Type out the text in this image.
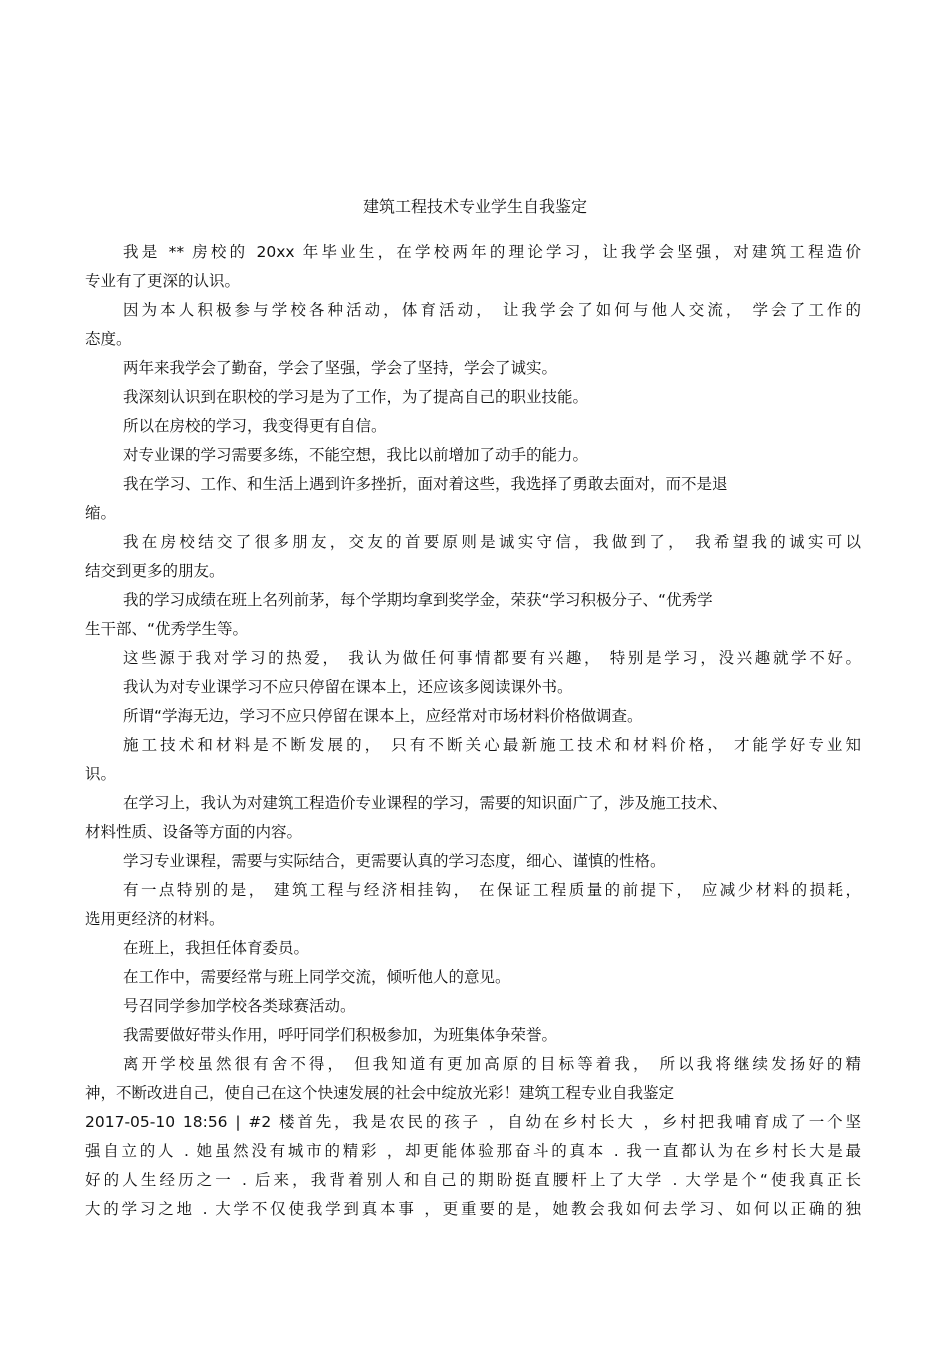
建筑工程技术专业学生自我鉴定
我是 ** 房校的 20xx 年毕业生，在学校两年的理论学习，让我学会坚强，对建筑工程造价
专业有了更深的认识。
因为本人积极参与学校各种活动，体育活动， 让我学会了如何与他人交流， 学会了工作的
态度。
两年来我学会了勤奋，学会了坚强，学会了坚持，学会了诚实。
我深刻认识到在职校的学习是为了工作，为了提高自己的职业技能。
所以在房校的学习，我变得更有自信。
对专业课的学习需要多练，不能空想，我比以前增加了动手的能力。
我在学习、工作、和生活上遇到许多挫折，面对着这些，我选择了勇敢去面对，而不是退
缩。
我在房校结交了很多朋友，交友的首要原则是诚实守信，我做到了， 我希望我的诚实可以
结交到更多的朋友。
我的学习成绩在班上名列前茅，每个学期均拿到奖学金，荣获“学习积极分子、“优秀学
生干部、“优秀学生等。
这些源于我对学习的热爱， 我认为做任何事情都要有兴趣， 特别是学习，没兴趣就学不好。
我认为对专业课学习不应只停留在课本上，还应该多阅读课外书。
所谓“学海无边，学习不应只停留在课本上，应经常对市场材料价格做调查。
施工技术和材料是不断发展的， 只有不断关心最新施工技术和材料价格， 才能学好专业知
识。
在学习上，我认为对建筑工程造价专业课程的学习，需要的知识面广了，涉及施工技术、
材料性质、设备等方面的内容。
学习专业课程，需要与实际结合，更需要认真的学习态度，细心、谨慎的性格。
有一点特别的是， 建筑工程与经济相挂钩， 在保证工程质量的前提下， 应减少材料的损耗，
选用更经济的材料。
在班上，我担任体育委员。
在工作中，需要经常与班上同学交流，倾听他人的意见。
号召同学参加学校各类球赛活动。
我需要做好带头作用，呼吁同学们积极参加，为班集体争荣誉。
离开学校虽然很有舍不得， 但我知道有更加高原的目标等着我， 所以我将继续发扬好的精
神，不断改进自己，使自己在这个快速发展的社会中绽放光彩！建筑工程专业自我鉴定
2017-05-10 18:56 | #2 楼首先，我是农民的孩子 ，自幼在乡村长大 ，乡村把我哺育成了一个坚
强自立的人 . 她虽然没有城市的精彩 ，却更能体验那奋斗的真本 . 我一直都认为在乡村长大是最
好的人生经历之一 . 后来，我背着别人和自己的期盼挺直腰杆上了大学 . 大学是个“使我真正长
大的学习之地 . 大学不仅使我学到真本事 ，更重要的是，她教会我如何去学习、如何以正确的独
